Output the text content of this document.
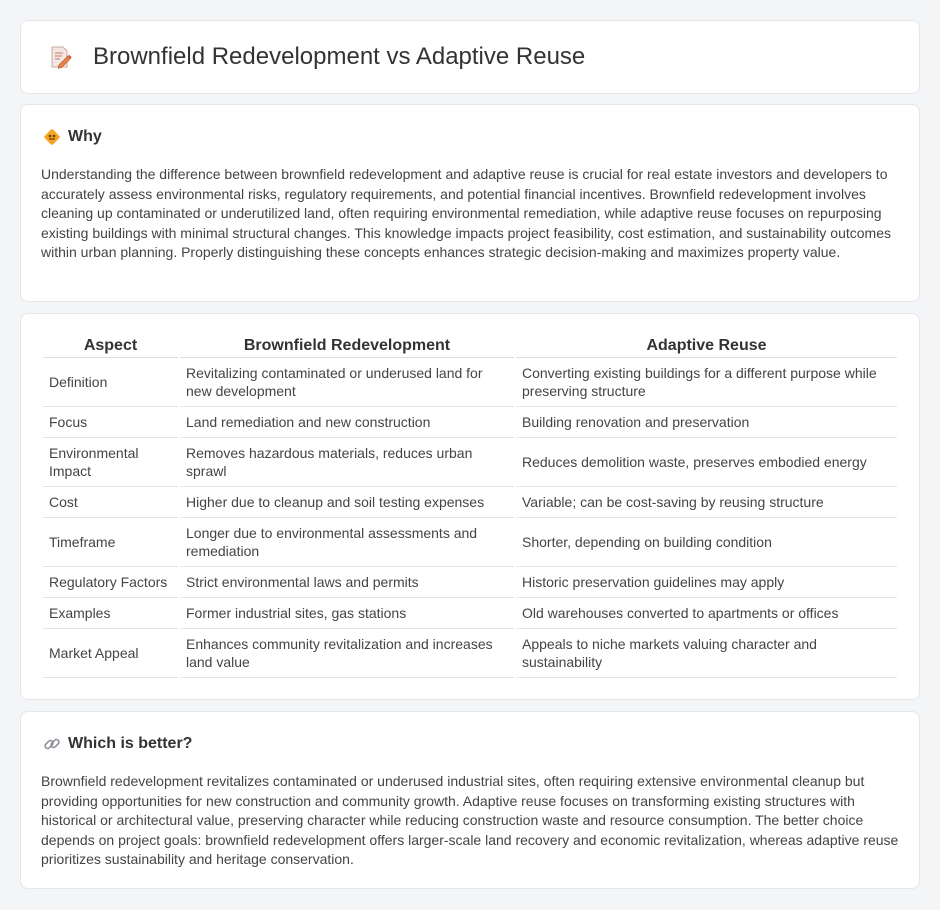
Brownfield Redevelopment vs Adaptive Reuse
Why

Understanding the difference between brownfield redevelopment and adaptive reuse is crucial for real estate investors and developers to accurately assess environmental risks, regulatory requirements, and potential financial incentives. Brownfield redevelopment involves cleaning up contaminated or underutilized land, often requiring environmental remediation, while adaptive reuse focuses on repurposing existing buildings with minimal structural changes. This knowledge impacts project feasibility, cost estimation, and sustainability outcomes within urban planning. Properly distinguishing these concepts enhances strategic decision-making and maximizes property value.

Aspect	Brownfield Redevelopment	Adaptive Reuse
Definition	Revitalizing contaminated or underused land for new development	Converting existing buildings for a different purpose while preserving structure
Focus	Land remediation and new construction	Building renovation and preservation
Environmental Impact	Removes hazardous materials, reduces urban sprawl	Reduces demolition waste, preserves embodied energy
Cost	Higher due to cleanup and soil testing expenses	Variable; can be cost-saving by reusing structure
Timeframe	Longer due to environmental assessments and remediation	Shorter, depending on building condition
Regulatory Factors	Strict environmental laws and permits	Historic preservation guidelines may apply
Examples	Former industrial sites, gas stations	Old warehouses converted to apartments or offices
Market Appeal	Enhances community revitalization and increases land value	Appeals to niche markets valuing character and sustainability
Which is better?

Brownfield redevelopment revitalizes contaminated or underused industrial sites, often requiring extensive environmental cleanup but providing opportunities for new construction and community growth. Adaptive reuse focuses on transforming existing structures with historical or architectural value, preserving character while reducing construction waste and resource consumption. The better choice depends on project goals: brownfield redevelopment offers larger-scale land recovery and economic revitalization, whereas adaptive reuse prioritizes sustainability and heritage conservation.
